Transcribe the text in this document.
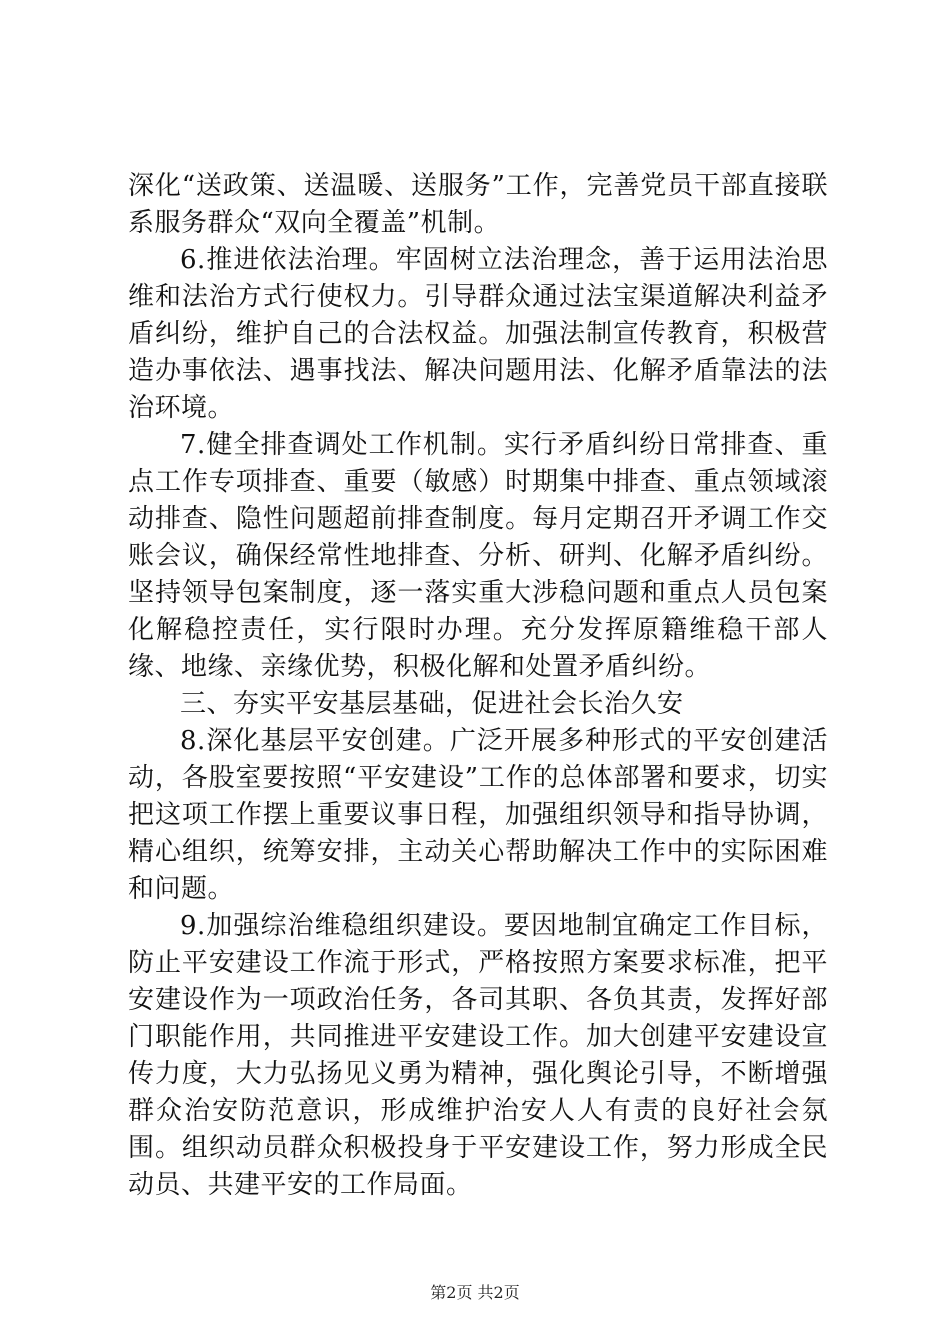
深化“送政策、送温暖、送服务”工作，完善党员干部直接联系服务群众“双向全覆盖”机制。

6.推进依法治理。牢固树立法治理念，善于运用法治思维和法治方式行使权力。引导群众通过法宝渠道解决利益矛盾纠纷，维护自己的合法权益。加强法制宣传教育，积极营造办事依法、遇事找法、解决问题用法、化解矛盾靠法的法治环境。

7.健全排查调处工作机制。实行矛盾纠纷日常排查、重点工作专项排查、重要（敏感）时期集中排查、重点领域滚动排查、隐性问题超前排查制度。每月定期召开矛调工作交账会议，确保经常性地排查、分析、研判、化解矛盾纠纷。坚持领导包案制度，逐一落实重大涉稳问题和重点人员包案化解稳控责任，实行限时办理。充分发挥原籍维稳干部人缘、地缘、亲缘优势，积极化解和处置矛盾纠纷。

三、夯实平安基层基础，促进社会长治久安

8.深化基层平安创建。广泛开展多种形式的平安创建活动，各股室要按照“平安建设”工作的总体部署和要求，切实把这项工作摆上重要议事日程，加强组织领导和指导协调，精心组织，统筹安排，主动关心帮助解决工作中的实际困难和问题。

9.加强综治维稳组织建设。要因地制宜确定工作目标，防止平安建设工作流于形式，严格按照方案要求标准，把平安建设作为一项政治任务，各司其职、各负其责，发挥好部门职能作用，共同推进平安建设工作。加大创建平安建设宣传力度，大力弘扬见义勇为精神，强化舆论引导，不断增强群众治安防范意识，形成维护治安人人有责的良好社会氛围。组织动员群众积极投身于平安建设工作，努力形成全民动员、共建平安的工作局面。

第2页 共2页
